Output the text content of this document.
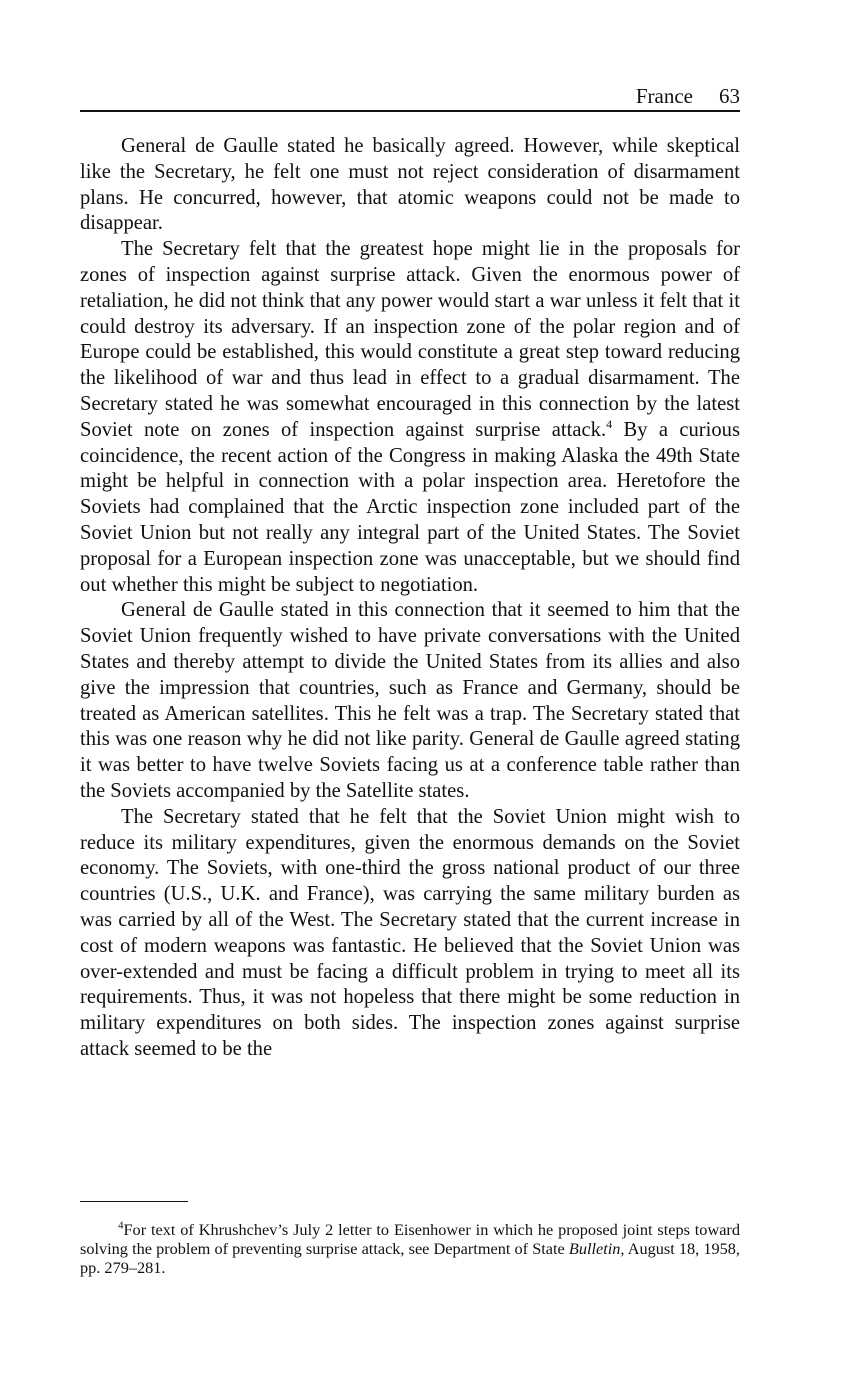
France 63

General de Gaulle stated he basically agreed. However, while skeptical like the Secretary, he felt one must not reject consideration of disarmament plans. He concurred, however, that atomic weapons could not be made to disappear.

The Secretary felt that the greatest hope might lie in the proposals for zones of inspection against surprise attack. Given the enormous power of retaliation, he did not think that any power would start a war unless it felt that it could destroy its adversary. If an inspection zone of the polar region and of Europe could be established, this would constitute a great step toward reducing the likelihood of war and thus lead in effect to a gradual disarmament. The Secretary stated he was somewhat encouraged in this connection by the latest Soviet note on zones of inspection against surprise attack.$^4$ By a curious coincidence, the recent action of the Congress in making Alaska the 49th State might be helpful in connection with a polar inspection area. Heretofore the Soviets had complained that the Arctic inspection zone included part of the Soviet Union but not really any integral part of the United States. The Soviet proposal for a European inspection zone was unacceptable, but we should find out whether this might be subject to negotiation.

General de Gaulle stated in this connection that it seemed to him that the Soviet Union frequently wished to have private conversations with the United States and thereby attempt to divide the United States from its allies and also give the impression that countries, such as France and Germany, should be treated as American satellites. This he felt was a trap. The Secretary stated that this was one reason why he did not like parity. General de Gaulle agreed stating it was better to have twelve Soviets facing us at a conference table rather than the Soviets accompanied by the Satellite states.

The Secretary stated that he felt that the Soviet Union might wish to reduce its military expenditures, given the enormous demands on the Soviet economy. The Soviets, with one-third the gross national product of our three countries (U.S., U.K. and France), was carrying the same military burden as was carried by all of the West. The Secretary stated that the current increase in cost of modern weapons was fantastic. He believed that the Soviet Union was over-extended and must be facing a difficult problem in trying to meet all its requirements. Thus, it was not hopeless that there might be some reduction in military expenditures on both sides. The inspection zones against surprise attack seemed to be the

$^4$For text of Khrushchev’s July 2 letter to Eisenhower in which he proposed joint steps toward solving the problem of preventing surprise attack, see Department of State Bulletin, August 18, 1958, pp. 279–281.
